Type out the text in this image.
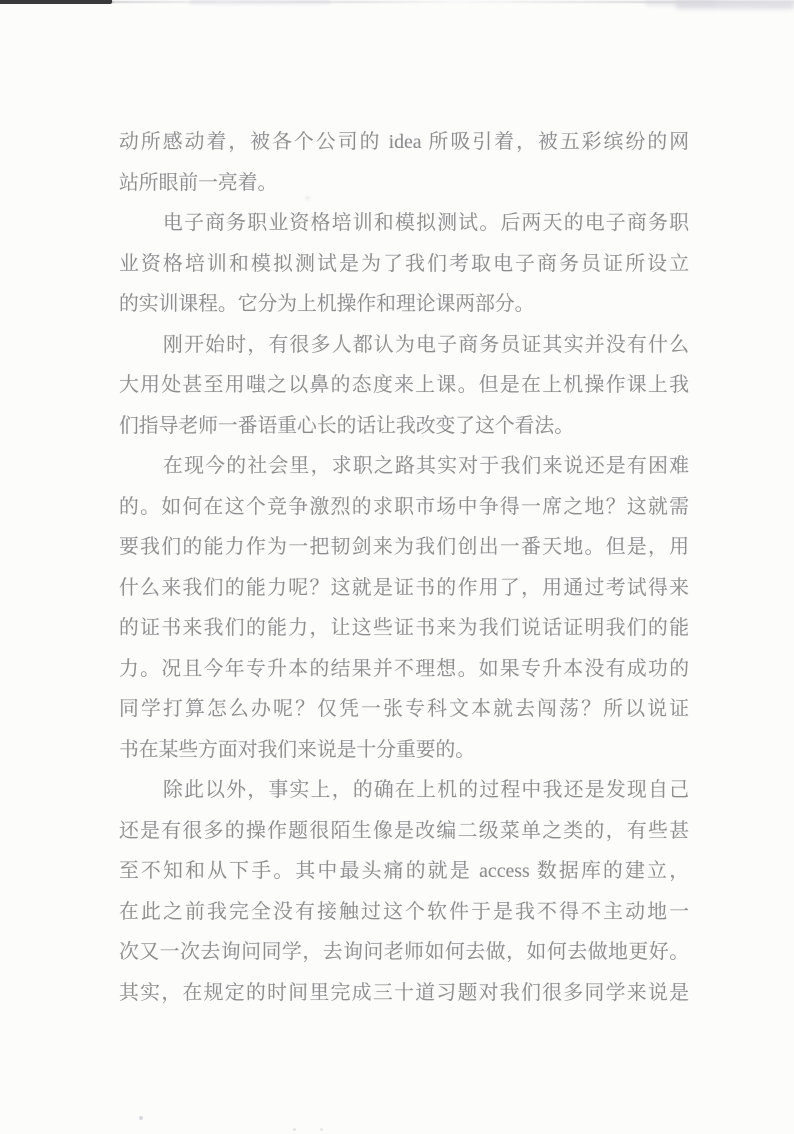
动所感动着，被各个公司的 idea 所吸引着，被五彩缤纷的网
站所眼前一亮着。
电子商务职业资格培训和模拟测试。后两天的电子商务职
业资格培训和模拟测试是为了我们考取电子商务员证所设立
的实训课程。它分为上机操作和理论课两部分。
刚开始时，有很多人都认为电子商务员证其实并没有什么
大用处甚至用嗤之以鼻的态度来上课。但是在上机操作课上我
们指导老师一番语重心长的话让我改变了这个看法。
在现今的社会里，求职之路其实对于我们来说还是有困难
的。如何在这个竞争激烈的求职市场中争得一席之地？这就需
要我们的能力作为一把韧剑来为我们创出一番天地。但是，用
什么来我们的能力呢？这就是证书的作用了，用通过考试得来
的证书来我们的能力，让这些证书来为我们说话证明我们的能
力。况且今年专升本的结果并不理想。如果专升本没有成功的
同学打算怎么办呢？仅凭一张专科文本就去闯荡？所以说证
书在某些方面对我们来说是十分重要的。
除此以外，事实上，的确在上机的过程中我还是发现自己
还是有很多的操作题很陌生像是改编二级菜单之类的，有些甚
至不知和从下手。其中最头痛的就是 access 数据库的建立，
在此之前我完全没有接触过这个软件于是我不得不主动地一
次又一次去询问同学，去询问老师如何去做，如何去做地更好。
其实，在规定的时间里完成三十道习题对我们很多同学来说是
